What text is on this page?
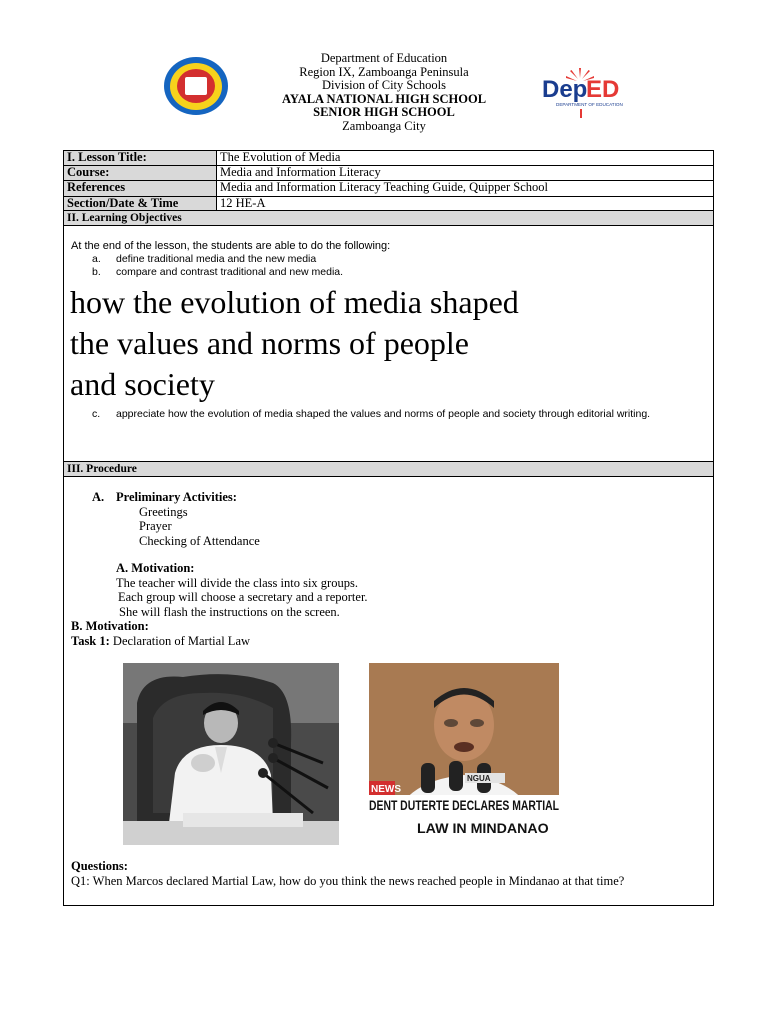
Department of Education
Region IX, Zamboanga Peninsula
Division of City Schools
AYALA NATIONAL HIGH SCHOOL
SENIOR HIGH SCHOOL
Zamboanga City
Dep
ED
DEPARTMENT OF EDUCATION
I. Lesson Title:	The Evolution of Media
Course:	Media and Information Literacy
References	Media and Information Literacy Teaching Guide, Quipper School
Section/Date & Time	12 HE-A
II. Learning Objectives
At the end of the lesson, the students are able to do the following:
a. define traditional media and the new media
b. compare and contrast traditional and new media.
how the evolution of media shaped
the values and norms of people
and society
c. appreciate how the evolution of media shaped the values and norms of people and society through editorial writing.
III. Procedure
A. Preliminary Activities:
Greetings
Prayer
Checking of Attendance
A. Motivation:
The teacher will divide the class into six groups.
Each group will choose a secretary and a reporter.
She will flash the instructions on the screen.
B. Motivation:
Task 1: Declaration of Martial Law
NGUA
NEWS
DENT DUTERTE DECLARES MARTIAL
LAW IN MINDANAO
Questions:
Q1: When Marcos declared Martial Law, how do you think the news reached people in Mindanao at that time?
